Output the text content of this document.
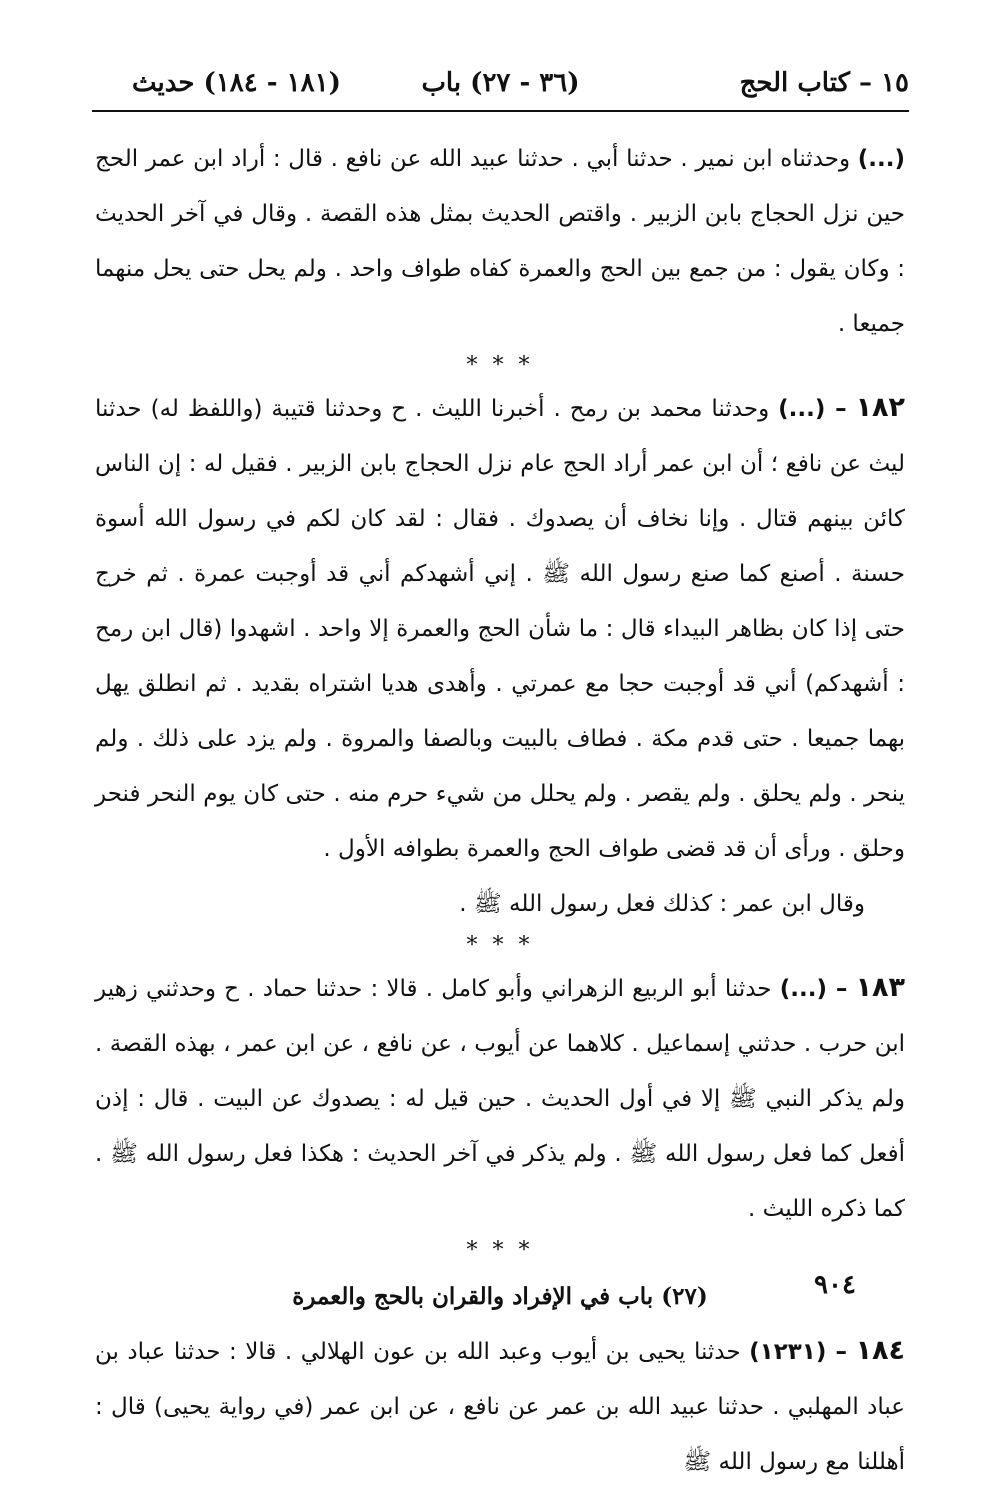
١٥ – كتاب الحج
(٣٦ - ٢٧) باب
(١٨١ - ١٨٤) حديث

(...) وحدثناه ابن نمير . حدثنا أبي . حدثنا عبيد الله عن نافع . قال : أراد ابن عمر الحج حين نزل الحجاج بابن الزبير . واقتص الحديث بمثل هذه القصة . وقال في آخر الحديث : وكان يقول : من جمع بين الحج والعمرة كفاه طواف واحد . ولم يحل حتى يحل منهما جميعا .

* * *

١٨٢ – (...) وحدثنا محمد بن رمح . أخبرنا الليث . ح وحدثنا قتيبة (واللفظ له) حدثنا ليث عن نافع ؛ أن ابن عمر أراد الحج عام نزل الحجاج بابن الزبير . فقيل له : إن الناس كائن بينهم قتال . وإنا نخاف أن يصدوك . فقال : لقد كان لكم في رسول الله أسوة حسنة . أصنع كما صنع رسول الله ﷺ . إني أشهدكم أني قد أوجبت عمرة . ثم خرج حتى إذا كان بظاهر البيداء قال : ما شأن الحج والعمرة إلا واحد . اشهدوا (قال ابن رمح : أشهدكم) أني قد أوجبت حجا مع عمرتي . وأهدى هديا اشتراه بقديد . ثم انطلق يهل بهما جميعا . حتى قدم مكة . فطاف بالبيت وبالصفا والمروة . ولم يزد على ذلك . ولم ينحر . ولم يحلق . ولم يقصر . ولم يحلل من شيء حرم منه . حتى كان يوم النحر فنحر وحلق . ورأى أن قد قضى طواف الحج والعمرة بطوافه الأول .

وقال ابن عمر : كذلك فعل رسول الله ﷺ .

* * *

١٨٣ – (...) حدثنا أبو الربيع الزهراني وأبو كامل . قالا : حدثنا حماد . ح وحدثني زهير ابن حرب . حدثني إسماعيل . كلاهما عن أيوب ، عن نافع ، عن ابن عمر ، بهذه القصة . ولم يذكر النبي ﷺ إلا في أول الحديث . حين قيل له : يصدوك عن البيت . قال : إذن أفعل كما فعل رسول الله ﷺ . ولم يذكر في آخر الحديث : هكذا فعل رسول الله ﷺ . كما ذكره الليث .

* * *
(٢٧) باب في الإفراد والقران بالحج والعمرة

١٨٤ – (١٢٣١) حدثنا يحيى بن أيوب وعبد الله بن عون الهلالي . قالا : حدثنا عباد بن عباد المهلبي . حدثنا عبيد الله بن عمر عن نافع ، عن ابن عمر (في رواية يحيى) قال : أهللنا مع رسول الله ﷺ

٩٠٤
